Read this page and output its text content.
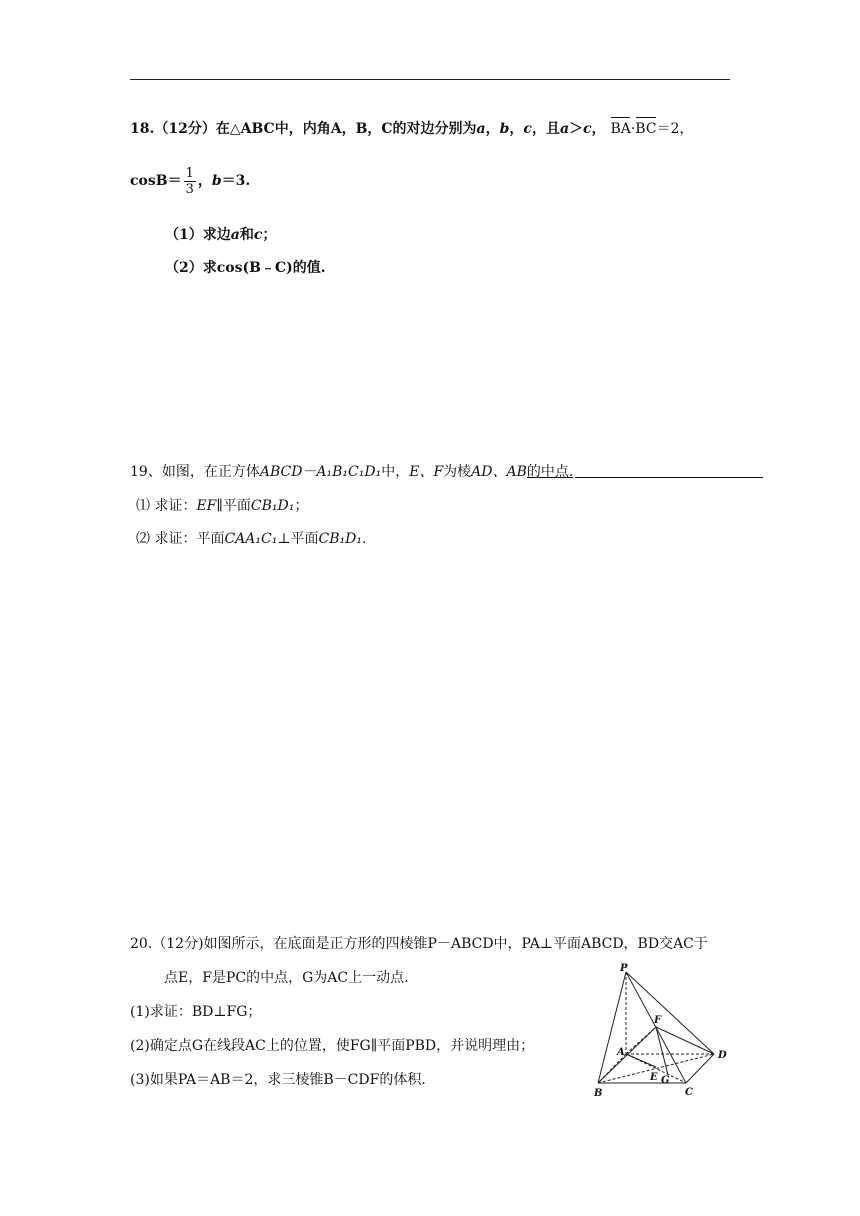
18.（12分）在△ABC中，内角A，B，C的对边分别为a，b，c，且a＞c， BA·BC＝2，
$\cos B= \frac{1}{3}$ ，b＝3.
（1）求边a和c；
（2）求cos(B﹣C)的值.
19、如图，在正方体ABCD－A₁B₁C₁D₁中，E、F为棱AD、AB的中点.
⑴ 求证：EF∥平面CB₁D₁；
⑵ 求证：平面CAA₁C₁⊥平面CB₁D₁.
20.（12分)如图所示，在底面是正方形的四棱锥P－ABCD中，PA⊥平面ABCD，BD交AC于
点E，F是PC的中点，G为AC上一动点.
(1)求证：BD⊥FG；
(2)确定点G在线段AC上的位置，使FG∥平面PBD，并说明理由；
(3)如果PA＝AB＝2，求三棱锥B－CDF的体积.
P
F
A	D
E G
B	C
